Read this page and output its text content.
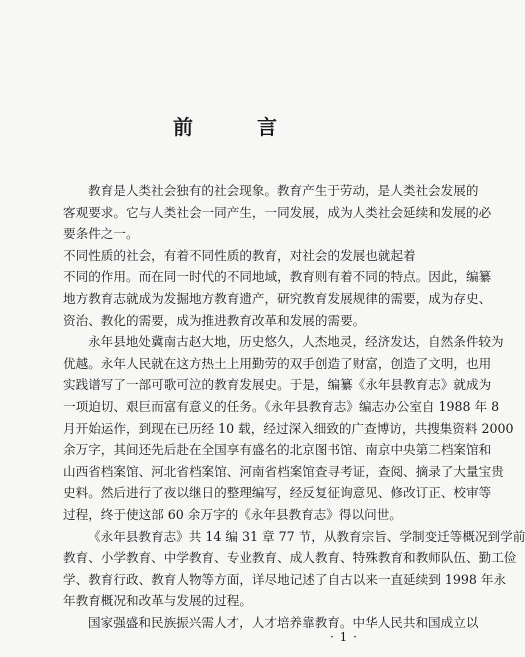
前　言
教育是人类社会独有的社会现象。教育产生于劳动，是人类社会发展的
客观要求。它与人类社会一同产生，一同发展，成为人类社会延续和发展的必
要条件之一。 不同性质的社会，有着不同性质的教育，对社会的发展也就起着
不同的作用。而在同一时代的不同地域，教育则有着不同的特点。因此，编纂
地方教育志就成为发掘地方教育遗产，研究教育发展规律的需要，成为存史、
资治、教化的需要，成为推进教育改革和发展的需要。
永年县地处冀南古赵大地，历史悠久，人杰地灵，经济发达，自然条件较为
优越。永年人民就在这方热土上用勤劳的双手创造了财富，创造了文明，也用
实践谱写了一部可歌可泣的教育发展史。于是，编纂《永年县教育志》就成为
一项迫切、艰巨而富有意义的任务。《永年县教育志》编志办公室自 1988 年 8
月开始运作，到现在已历经 10 载，经过深入细致的广查博访，共搜集资料 2000
余万字，其间还先后赴在全国享有盛名的北京图书馆、南京中央第二档案馆和
山西省档案馆、河北省档案馆、河南省档案馆查寻考证，查阅、摘录了大量宝贵
史料。然后进行了夜以继日的整理编写，经反复征询意见、修改订正、校审等
过程，终于使这部 60 余万字的《永年县教育志》得以问世。
《永年县教育志》共 14 编 31 章 77 节，从教育宗旨、学制变迁等概况到学前
教育、小学教育、中学教育、专业教育、成人教育、特殊教育和教师队伍、勤工俭
学、教育行政、教育人物等方面，详尽地记述了自古以来一直延续到 1998 年永
年教育概况和改革与发展的过程。
国家强盛和民族振兴需人才，人才培养靠教育。中华人民共和国成立以
· 1 ·
